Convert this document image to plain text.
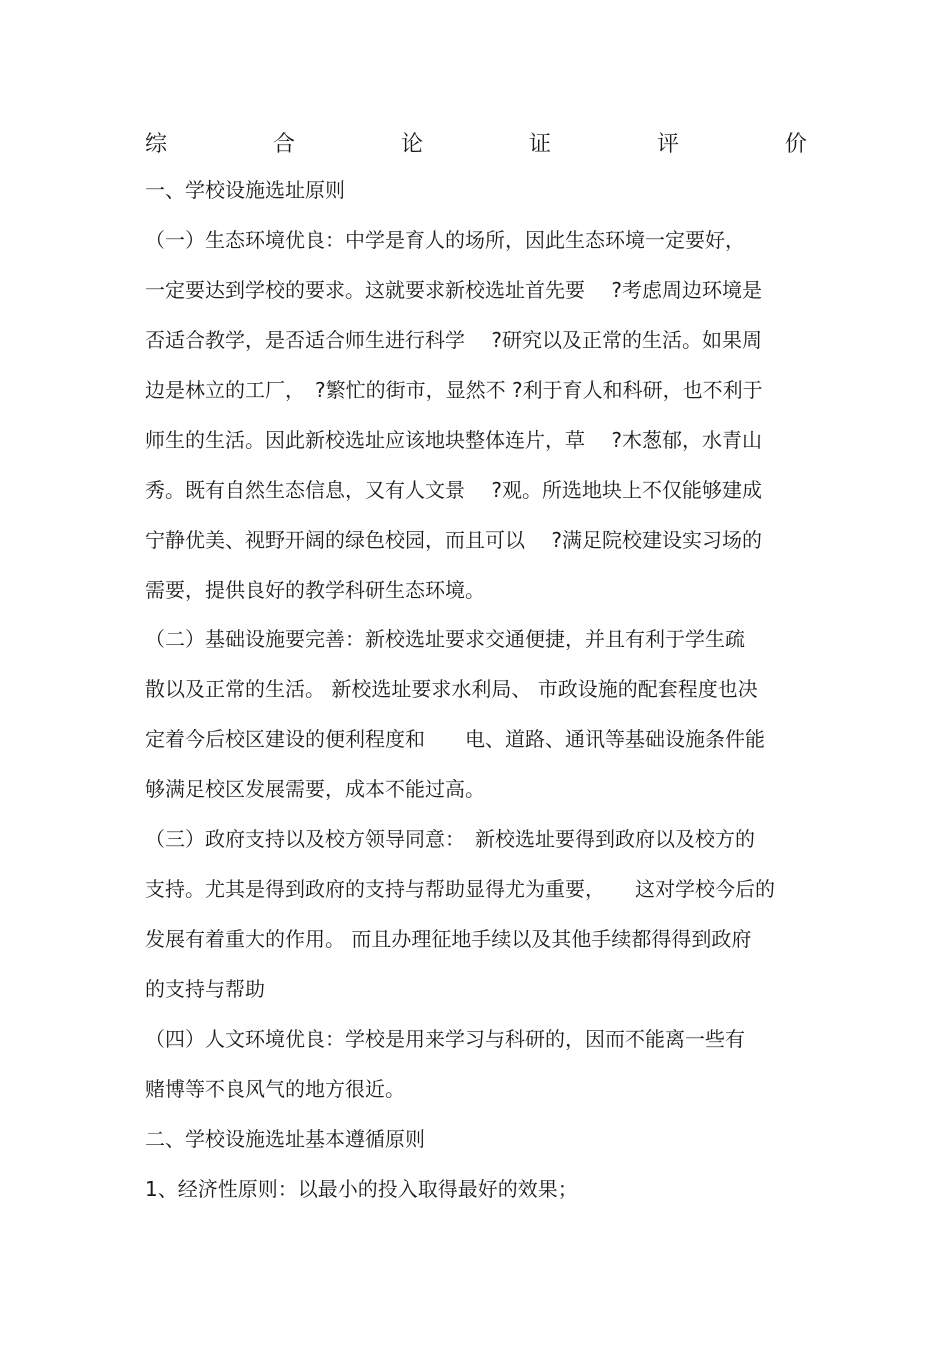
综	合	论	证	评	价
一、学校设施选址原则
（一）生态环境优良：中学是育人的场所，因此生态环境一定要好，
一定要达到学校的要求。这就要求新校选址首先要　 ?考虑周边环境是
否适合教学，是否适合师生进行科学　 ?研究以及正常的生活。如果周
边是林立的工厂，　?繁忙的街市，显然不 ?利于育人和科研，也不利于
师生的生活。因此新校选址应该地块整体连片，草　 ?木葱郁，水青山
秀。既有自然生态信息，又有人文景　 ?观。所选地块上不仅能够建成
宁静优美、视野开阔的绿色校园，而且可以　 ?满足院校建设实习场的
需要，提供良好的教学科研生态环境。
（二）基础设施要完善：新校选址要求交通便捷，并且有利于学生疏
散以及正常的生活。 新校选址要求水利局、 市政设施的配套程度也决
定着今后校区建设的便利程度和　　电、道路、通讯等基础设施条件能
够满足校区发展需要，成本不能过高。
（三）政府支持以及校方领导同意：　新校选址要得到政府以及校方的
支持。尤其是得到政府的支持与帮助显得尤为重要，　　这对学校今后的
发展有着重大的作用。 而且办理征地手续以及其他手续都得得到政府
的支持与帮助
（四）人文环境优良：学校是用来学习与科研的，因而不能离一些有
赌博等不良风气的地方很近。
二、学校设施选址基本遵循原则
1、经济性原则：以最小的投入取得最好的效果；
